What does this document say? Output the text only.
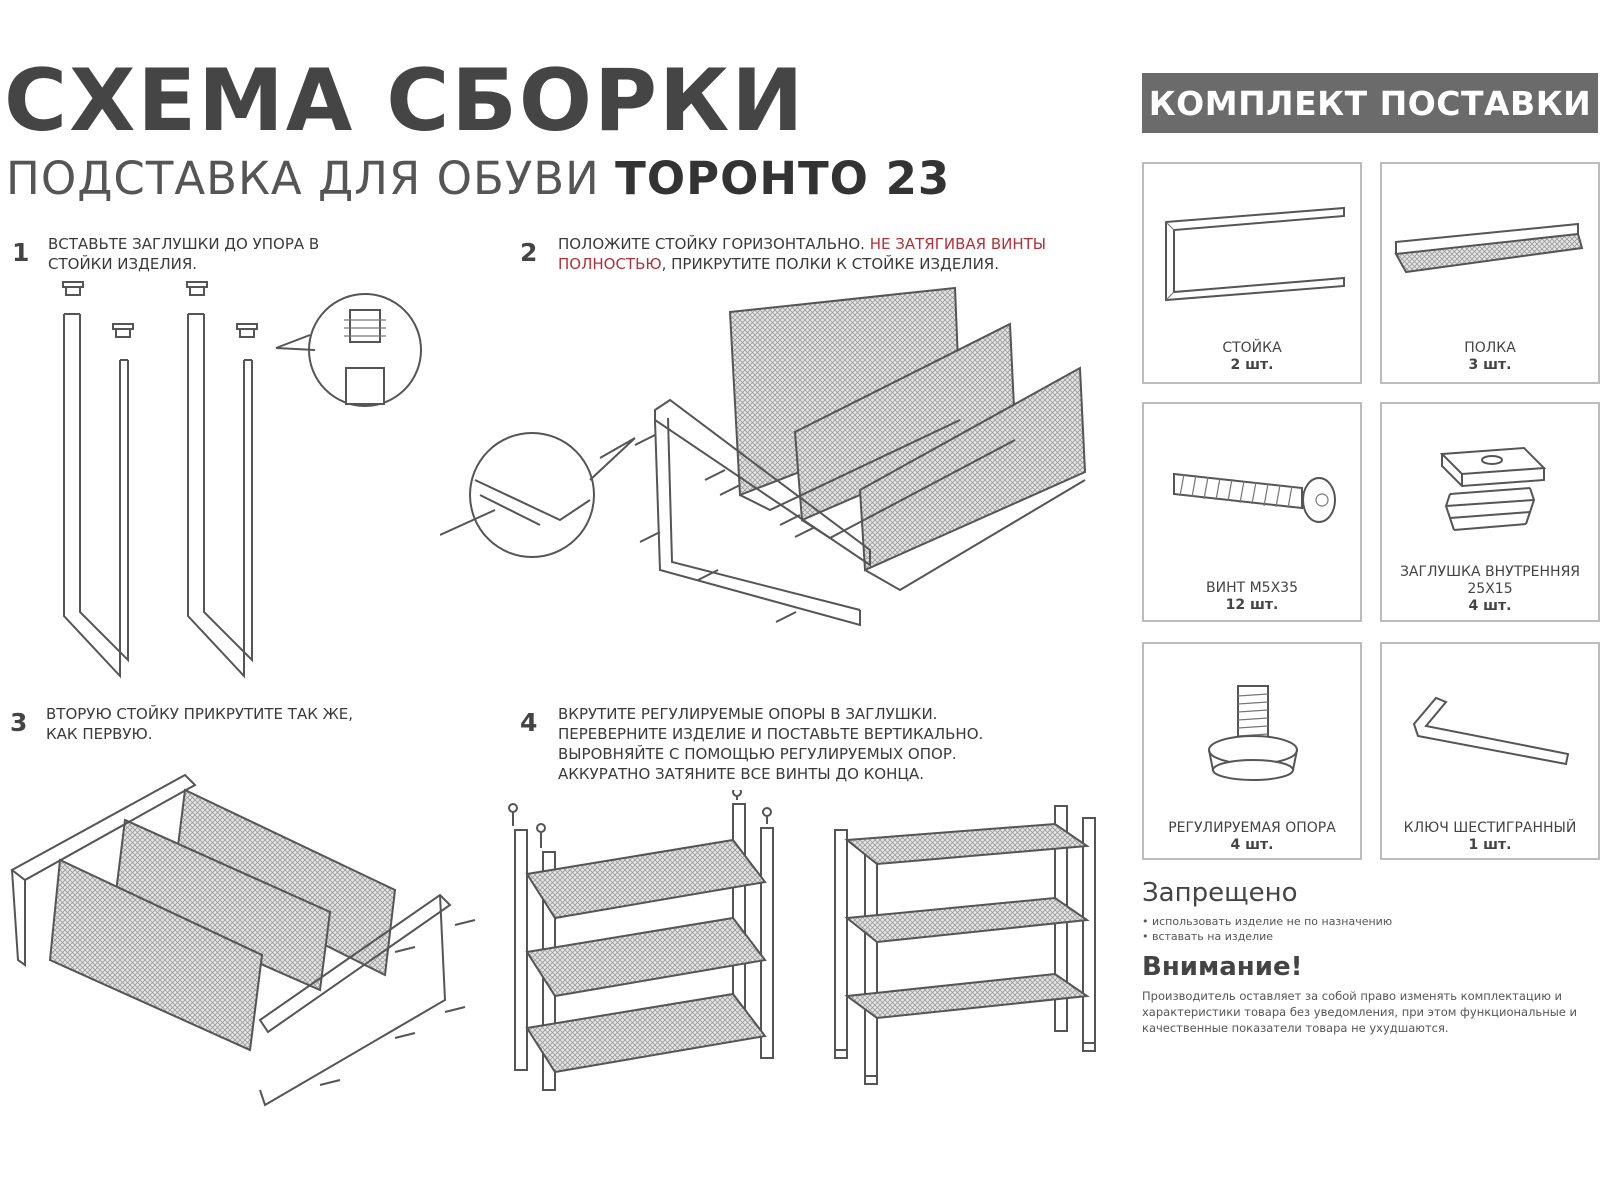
СХЕМА СБОРКИ
ПОДСТАВКА ДЛЯ ОБУВИ ТОРОНТО 23
1 ВСТАВЬТЕ ЗАГЛУШКИ ДО УПОРА В СТОЙКИ ИЗДЕЛИЯ.	2 ПОЛОЖИТЕ СТОЙКУ ГОРИЗОНТАЛЬНО. НЕ ЗАТЯГИВАЯ ВИНТЫ ПОЛНОСТЬЮ, ПРИКРУТИТЕ ПОЛКИ К СТОЙКЕ ИЗДЕЛИЯ.
3 ВТОРУЮ СТОЙКУ ПРИКРУТИТЕ ТАК ЖЕ, КАК ПЕРВУЮ.	4 ВКРУТИТЕ РЕГУЛИРУЕМЫЕ ОПОРЫ В ЗАГЛУШКИ. ПЕРЕВЕРНИТЕ ИЗДЕЛИЕ И ПОСТАВЬТЕ ВЕРТИКАЛЬНО. ВЫРОВНЯЙТЕ С ПОМОЩЬЮ РЕГУЛИРУЕМЫХ ОПОР. АККУРАТНО ЗАТЯНИТЕ ВСЕ ВИНТЫ ДО КОНЦА.
КОМПЛЕКТ ПОСТАВКИ
СТОЙКА
2 шт.
ПОЛКА
3 шт.
ВИНТ М5Х35
12 шт.
ЗАГЛУШКА ВНУТРЕННЯЯ 25Х15
4 шт.
РЕГУЛИРУЕМАЯ ОПОРА
4 шт.
КЛЮЧ ШЕСТИГРАННЫЙ
1 шт.
Запрещено
• использовать изделие не по назначению
• вставать на изделие
Внимание!
Производитель оставляет за собой право изменять комплектацию и характеристики товара без уведомления, при этом функциональные и качественные показатели товара не ухудшаются.
